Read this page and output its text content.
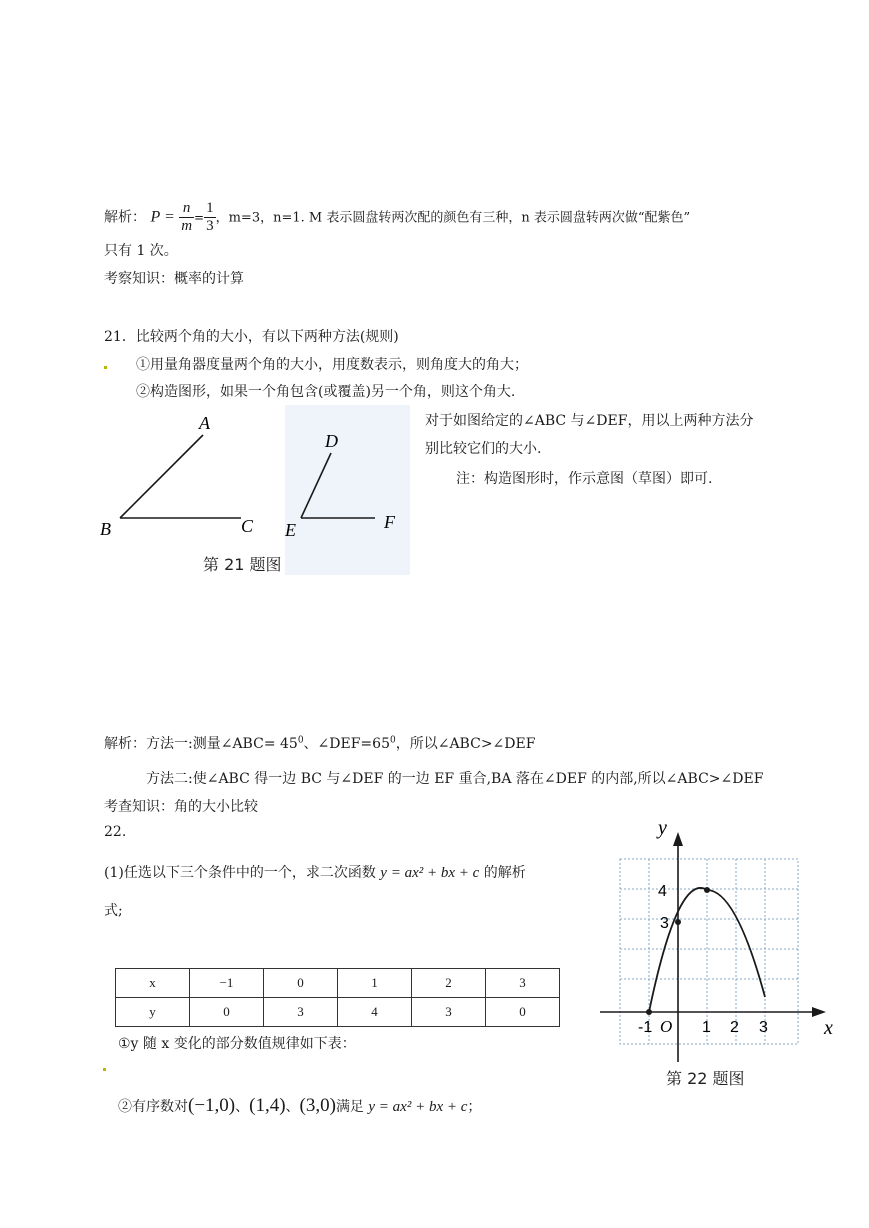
解析： $P = \frac{n}{m} = \frac{1}{3}$ ，m=3，n=1. M 表示圆盘转两次配的颜色有三种，n 表示圆盘转两次做“配紫色”
只有 1 次。
考察知识：概率的计算
21．比较两个角的大小，有以下两种方法(规则)
①用量角器度量两个角的大小，用度数表示，则角度大的角大；
②构造图形，如果一个角包含(或覆盖)另一个角，则这个角大.
对于如图给定的∠ABC 与∠DEF，用以上两种方法分
别比较它们的大小.
注：构造图形时，作示意图（草图）即可.
A
B	C
D
E	F
第 21 题图
解析：方法一:测量∠ABC= $45^0$、$\angle DEF=65^0$，所以∠ABC>∠DEF
方法二:使∠ABC 得一边 BC 与∠DEF 的一边 EF 重合,BA 落在∠DEF 的内部,所以∠ABC>∠DEF
考查知识：角的大小比较
22.
(1)任选以下三个条件中的一个，求二次函数 y = ax² + bx + c 的解析
式;
x	−1	0	1	2	3
y	0	3	4	3	0
①y 随 x 变化的部分数值规律如下表：
②有序数对(−1,0)、(1,4)、(3,0)满足 y = ax² + bx + c；
y
x
4
3
-1 O 1 2 3
第 22 题图
